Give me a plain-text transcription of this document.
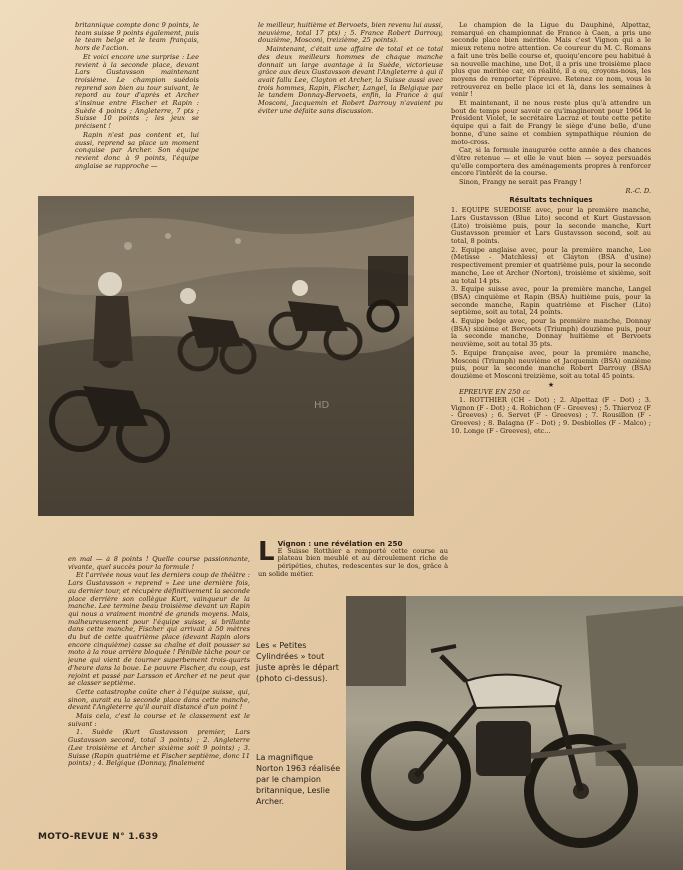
britannique compte donc 9 points, le team suisse 9 points également, puis le team belge et le team français, hors de l'action.

Et voici encore une surprise : Lee revient à la seconde place, devant Lars Gustavsson maintenant troisième. Le champion suédois reprend son bien au tour suivant, le repord au tour d'après et Archer s'insinue entre Fischer et Rapin : Suède 4 points ; Angleterre, 7 pts ; Suisse 10 points ; les jeux se précisent !

Rapin n'est pas content et, lui aussi, reprend sa place un moment conquise par Archer. Son équipe revient donc à 9 points, l'équipe anglaise se rapproche —

le meilleur, huitième et Bervoets, bien revenu lui aussi, neuvième, total 17 pts) ; 5. France Robert Darrouy, douzième, Mosconi, treizième, 25 points).

Maintenant, c'était une affaire de total et ce total des deux meilleurs hommes de chaque manche donnait un large avantage à la Suède, victorieuse grâce aux deux Gustavsson devant l'Angleterre à qui il avait fallu Lee, Clayton et Archer, la Suisse aussi avec trois hommes, Rapin, Fischer, Langel, la Belgique par le tandem Donnay-Bervoets, enfin, la France à qui Mosconi, Jacquemin et Robert Darrouy n'avaient pu éviter une défaite sans discussion.

Le champion de la Ligue du Dauphiné, Alpettaz, remarqué en championnat de France à Caen, a pris une seconde place bien méritée. Mais c'est Vignon qui a le mieux retenu notre attention. Ce coureur du M. C. Romans a fait une très belle course et, quoiqu'encore peu habitué à sa nouvelle machine, une Dot, il a pris une troisième place plus que méritée car, en réalité, il a eu, croyons-nous, les moyens de remporter l'épreuve. Retenez ce nom, vous le retrouverez en belle place ici et là, dans les semaines à venir !

Et maintenant, il ne nous reste plus qu'à attendre un bout de temps pour savoir ce qu'imagineront pour 1964 le Président Violet, le secrétaire Lacraz et toute cette petite équipe qui a fait de Frangy le siège d'une belle, d'une bonne, d'une saine et combien sympathique réunion de moto-cross.

Car, si la formule inaugurée cette année a des chances d'être retenue — et elle le vaut bien — soyez persuadés qu'elle comportera des aménagements propres à renforcer encore l'intérêt de la course.

Sinon, Frangy ne serait pas Frangy !

R.-C. D.
Résultats techniques

1. EQUIPE SUEDOISE avec, pour la première manche, Lars Gustavsson (Blue Lito) second et Kurt Gustavsson (Lito) troisième puis, pour la seconde manche, Kurt Gustavsson premier et Lars Gustavsson second, soit au total, 8 points.

2. Equipe anglaise avec, pour la première manche, Lee (Metisse - Matchless) et Clayton (BSA d'usine) respectivement premier et quatrième puis, pour la seconde manche, Lee et Archer (Norton), troisième et sixième, soit au total 14 pts.

3. Equipe suisse avec, pour la première manche, Langel (BSA) cinquième et Rapin (BSA) huitième puis, pour la seconde manche, Rapin quatrième et Fischer (Lito) septième, soit au total, 24 points.

4. Equipe belge avec, pour la première manche, Donnay (BSA) sixième et Bervoets (Triumph) douzième puis, pour la seconde manche, Donnay huitième et Bervoets neuvième, soit au total 35 pts.

5. Equipe française avec, pour la première manche, Mosconi (Triumph) neuvième et Jacquemin (BSA) onzième puis, pour la seconde manche Robert Darrouy (BSA) douzième et Mosconi treizième, soit au total 45 points.

★
EPREUVE EN 250 cc

1. ROTTHIER (CH - Dot) ; 2. Alpettaz (F - Dot) ; 3. Vignon (F - Dot) ; 4. Robichon (F - Greeves) ; 5. Thiervoz (F - Greeves) ; 6. Servet (F - Greeves) ; 7. Rousillon (F - Greeves) ; 8. Balagna (F - Dot) ; 9. Desbiolles (F - Malco) ; 10. Longe (F - Greeves), etc...

HD

en mal — à 8 points ! Quelle course passionnante, vivante, quel succès pour la formule !

Et l'arrivée nous vaut les derniers coup de théâtre : Lars Gustavsson « reprend » Lee une dernière fois, au dernier tour, et récupère définitivement la seconde place derrière son collègue Kurt, vainqueur de la manche. Lee termine beau troisième devant un Rapin qui nous a vraiment montré de grands moyens. Mais, malheureusement pour l'équipe suisse, si brillante dans cette manche, Fischer qui arrivait à 50 mètres du but de cette quatrième place (devant Rapin alors encore cinquième) casse sa chaîne et doit pousser sa moto à la roue arrière bloquée ! Pénible tâche pour ce jeune qui vient de tourner superbement trois-quarts d'heure dans la boue. Le pauvre Fischer, du coup, est rejoint et passé par Larsson et Archer et ne peut que se classer septième.

Cette catastrophe coûte cher à l'équipe suisse, qui, sinon, aurait eu la seconde place dans cette manche, devant l'Angleterre qu'il aurait distancé d'un point !

Mais cela, c'est la course et le classement est le suivant :

1. Suède (Kurt Gustavsson premier, Lars Gustavsson second, total 3 points) ; 2. Angleterre (Lee troisième et Archer sixième soit 9 points) ; 3. Suisse (Rapin quatrième et Fischer septième, donc 11 points) ; 4. Belgique (Donnay, finalement

L Vignon : une révélation en 250
E Suisse Rotthier a remporté cette course au plateau bien meublé et au déroulement riche de péripéties, chutes, redescentes sur le dos, grâce à un solide métier.
Les « Petites Cylindrées » tout juste après le départ (photo ci-dessus).
La magnifique Norton 1963 réalisée par le champion britannique, Leslie Archer.
MOTO-REVUE N° 1.639
